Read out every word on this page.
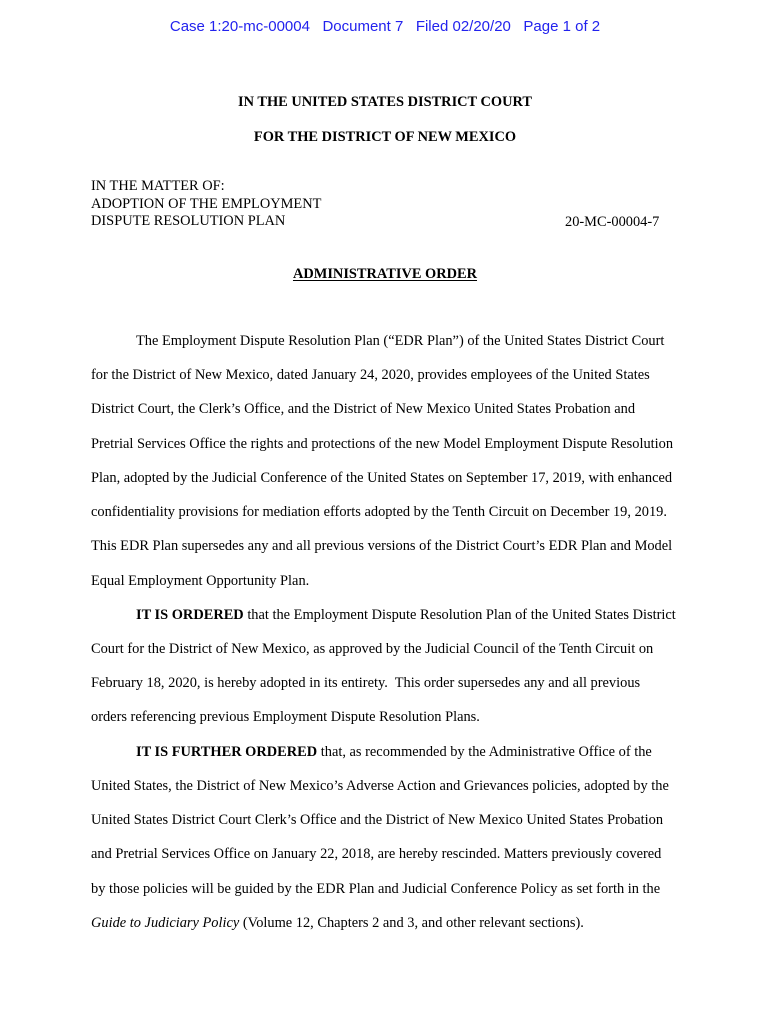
Case 1:20-mc-00004 Document 7 Filed 02/20/20 Page 1 of 2
IN THE UNITED STATES DISTRICT COURT
FOR THE DISTRICT OF NEW MEXICO
IN THE MATTER OF:
ADOPTION OF THE EMPLOYMENT
DISPUTE RESOLUTION PLAN	20-MC-00004-7
ADMINISTRATIVE ORDER
The Employment Dispute Resolution Plan (“EDR Plan”) of the United States District Court
for the District of New Mexico, dated January 24, 2020, provides employees of the United States
District Court, the Clerk’s Office, and the District of New Mexico United States Probation and
Pretrial Services Office the rights and protections of the new Model Employment Dispute Resolution
Plan, adopted by the Judicial Conference of the United States on September 17, 2019, with enhanced
confidentiality provisions for mediation efforts adopted by the Tenth Circuit on December 19, 2019.
This EDR Plan supersedes any and all previous versions of the District Court’s EDR Plan and Model
Equal Employment Opportunity Plan.
IT IS ORDERED that the Employment Dispute Resolution Plan of the United States District
Court for the District of New Mexico, as approved by the Judicial Council of the Tenth Circuit on
February 18, 2020, is hereby adopted in its entirety.  This order supersedes any and all previous
orders referencing previous Employment Dispute Resolution Plans.
IT IS FURTHER ORDERED that, as recommended by the Administrative Office of the
United States, the District of New Mexico’s Adverse Action and Grievances policies, adopted by the
United States District Court Clerk’s Office and the District of New Mexico United States Probation
and Pretrial Services Office on January 22, 2018, are hereby rescinded. Matters previously covered
by those policies will be guided by the EDR Plan and Judicial Conference Policy as set forth in the
Guide to Judiciary Policy (Volume 12, Chapters 2 and 3, and other relevant sections).
